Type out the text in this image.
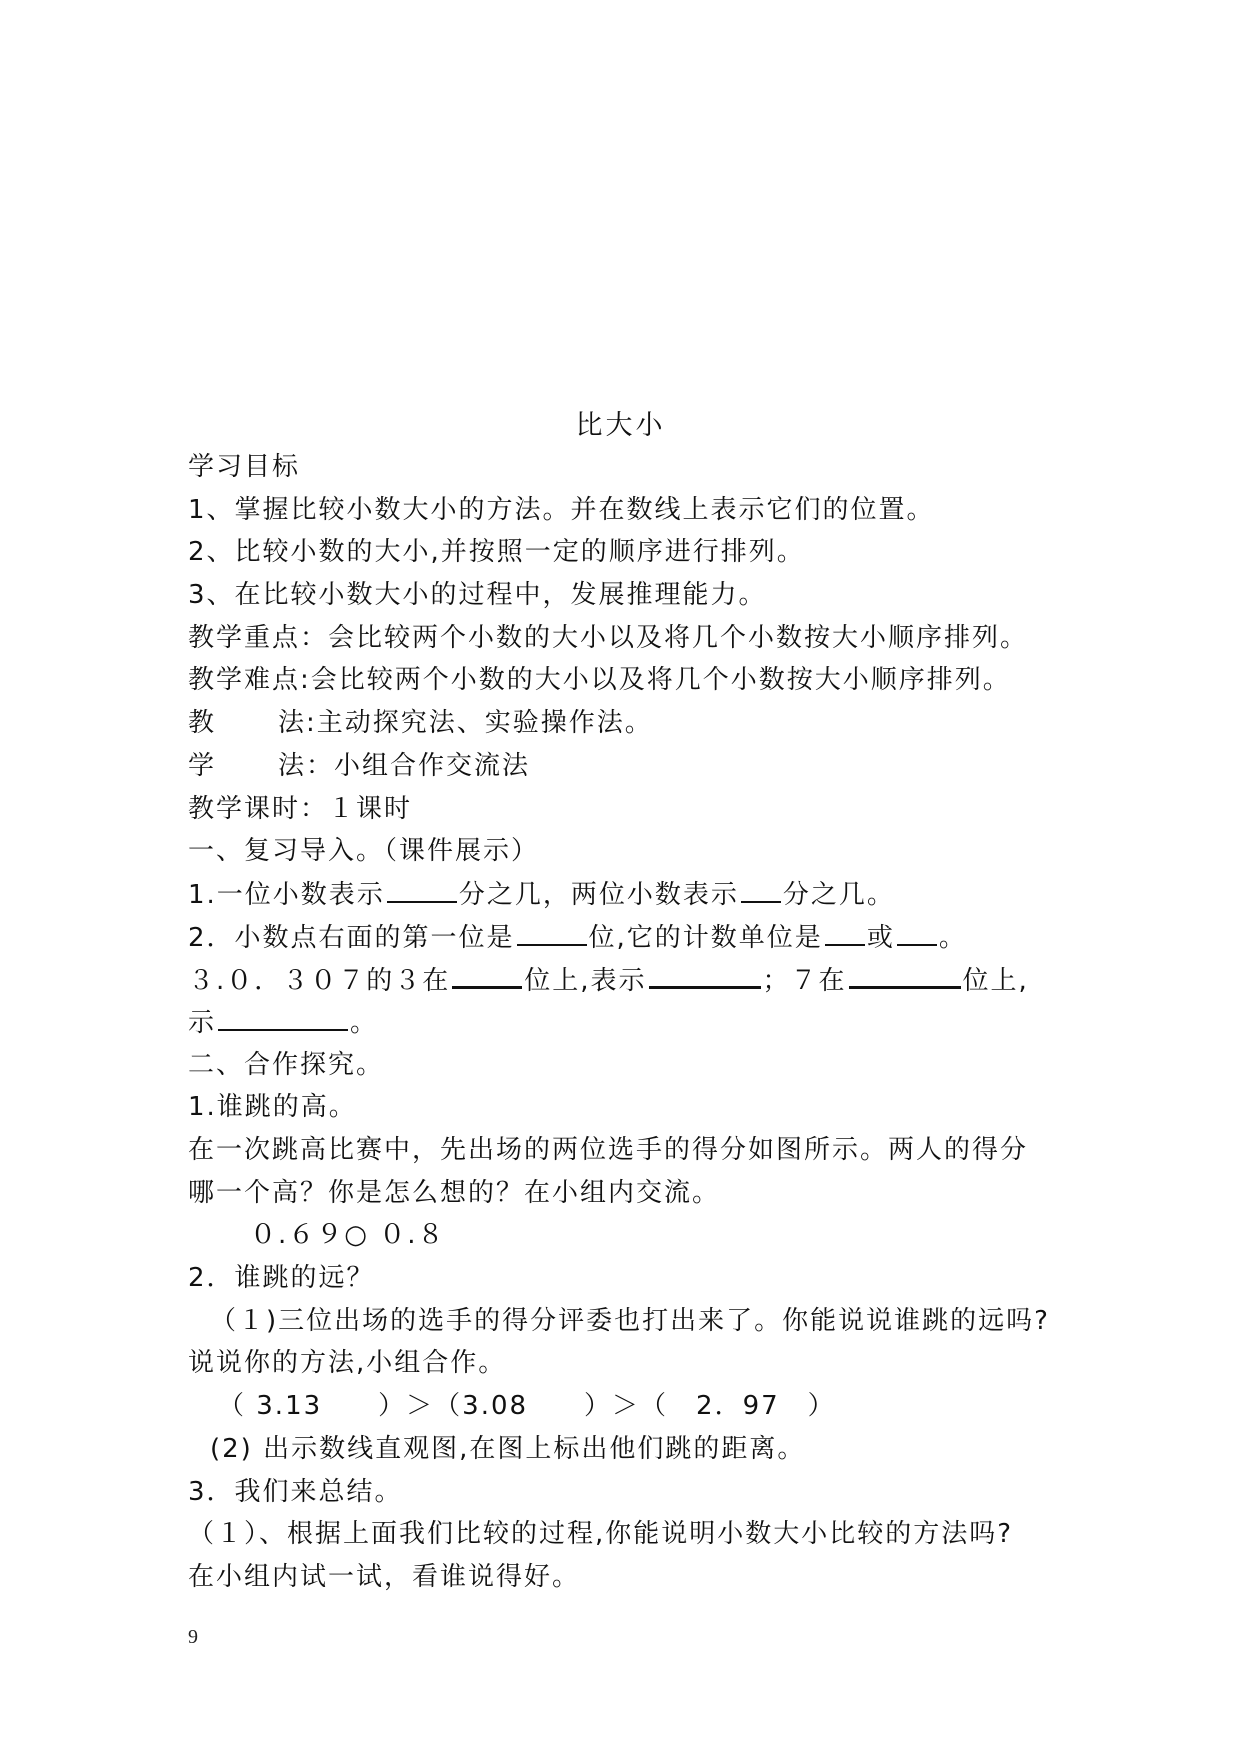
比大小
学习目标
1、掌握比较小数大小的方法。并在数线上表示它们的位置。
2、比较小数的大小,并按照一定的顺序进行排列。
3、在比较小数大小的过程中，发展推理能力。
教学重点：会比较两个小数的大小以及将几个小数按大小顺序排列。
教学难点:会比较两个小数的大小以及将几个小数按大小顺序排列。
教 法:主动探究法、实验操作法。
学 法：小组合作交流法
教学课时：１课时
一、复习导入。（课件展示）
1.一位小数表示	分之几，两位小数表示 分之几。
2．小数点右面的第一位是	位,它的计数单位是 或 。
３.０．３０７的３在	位上,表示	；７在	位上,
示	。
二、合作探究。
1.谁跳的高。
在一次跳高比赛中，先出场的两位选手的得分如图所示。两人的得分
哪一个高？你是怎么想的？在小组内交流。
０.６９○ ０.８
2．谁跳的远？
（１)三位出场的选手的得分评委也打出来了。你能说说谁跳的远吗?
说说你的方法,小组合作。
（ 3.13　　）＞（3.08　　）＞（　2．97　）
(2) 出示数线直观图,在图上标出他们跳的距离。
3．我们来总结。
（１）、根据上面我们比较的过程,你能说明小数大小比较的方法吗?
在小组内试一试，看谁说得好。
9
